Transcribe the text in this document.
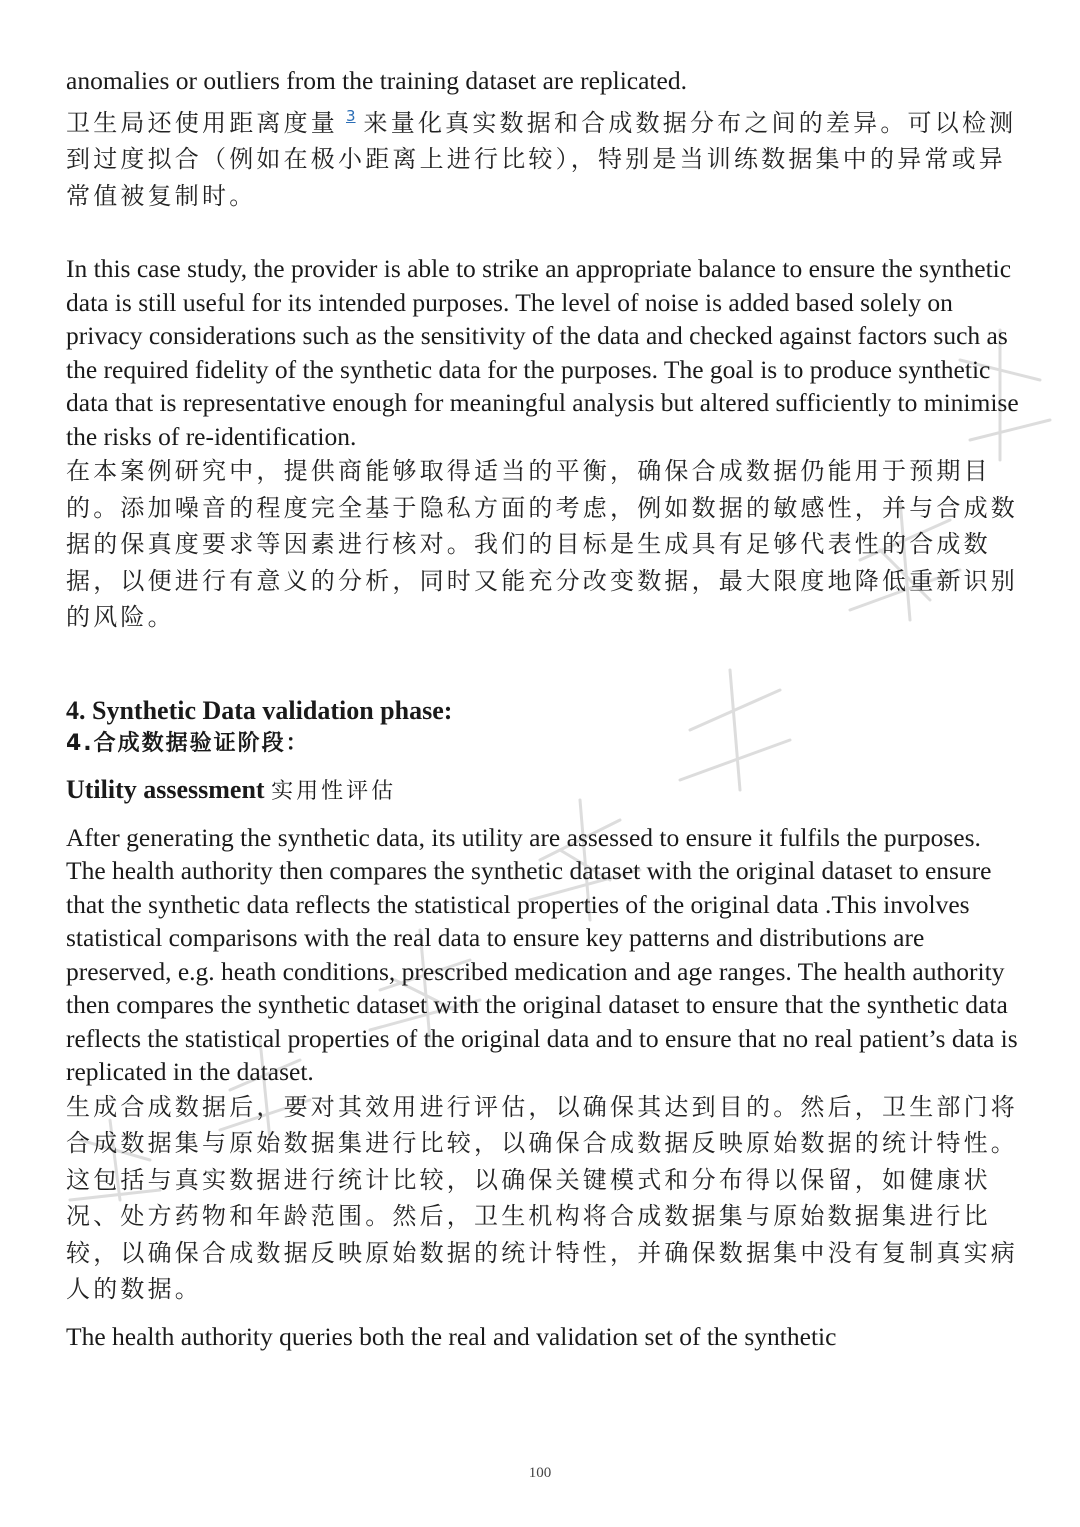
anomalies or outliers from the training dataset are replicated.

卫生局还使用距离度量 $^3$ 来量化真实数据和合成数据分布之间的差异。可以检测到过度拟合（例如在极小距离上进行比较），特别是当训练数据集中的异常或异常值被复制时。

In this case study, the provider is able to strike an appropriate balance to ensure the synthetic data is still useful for its intended purposes. The level of noise is added based solely on privacy considerations such as the sensitivity of the data and checked against factors such as the required fidelity of the synthetic data for the purposes. The goal is to produce synthetic data that is representative enough for meaningful analysis but altered sufficiently to minimise the risks of re-identification.

在本案例研究中，提供商能够取得适当的平衡，确保合成数据仍能用于预期目的。添加噪音的程度完全基于隐私方面的考虑，例如数据的敏感性，并与合成数据的保真度要求等因素进行核对。我们的目标是生成具有足够代表性的合成数据，以便进行有意义的分析，同时又能充分改变数据，最大限度地降低重新识别的风险。

4. Synthetic Data validation phase:

4.合成数据验证阶段：

Utility assessment 实用性评估

After generating the synthetic data, its utility are assessed to ensure it fulfils the purposes. The health authority then compares the synthetic dataset with the original dataset to ensure that the synthetic data reflects the statistical properties of the original data .This involves statistical comparisons with the real data to ensure key patterns and distributions are preserved, e.g. heath conditions, prescribed medication and age ranges. The health authority then compares the synthetic dataset with the original dataset to ensure that the synthetic data reflects the statistical properties of the original data and to ensure that no real patient’s data is replicated in the dataset.

生成合成数据后，要对其效用进行评估，以确保其达到目的。然后，卫生部门将合成数据集与原始数据集进行比较，以确保合成数据反映原始数据的统计特性。这包括与真实数据进行统计比较，以确保关键模式和分布得以保留，如健康状况、处方药物和年龄范围。然后，卫生机构将合成数据集与原始数据集进行比较，以确保合成数据反映原始数据的统计特性，并确保数据集中没有复制真实病人的数据。

The health authority queries both the real and validation set of the synthetic

100
